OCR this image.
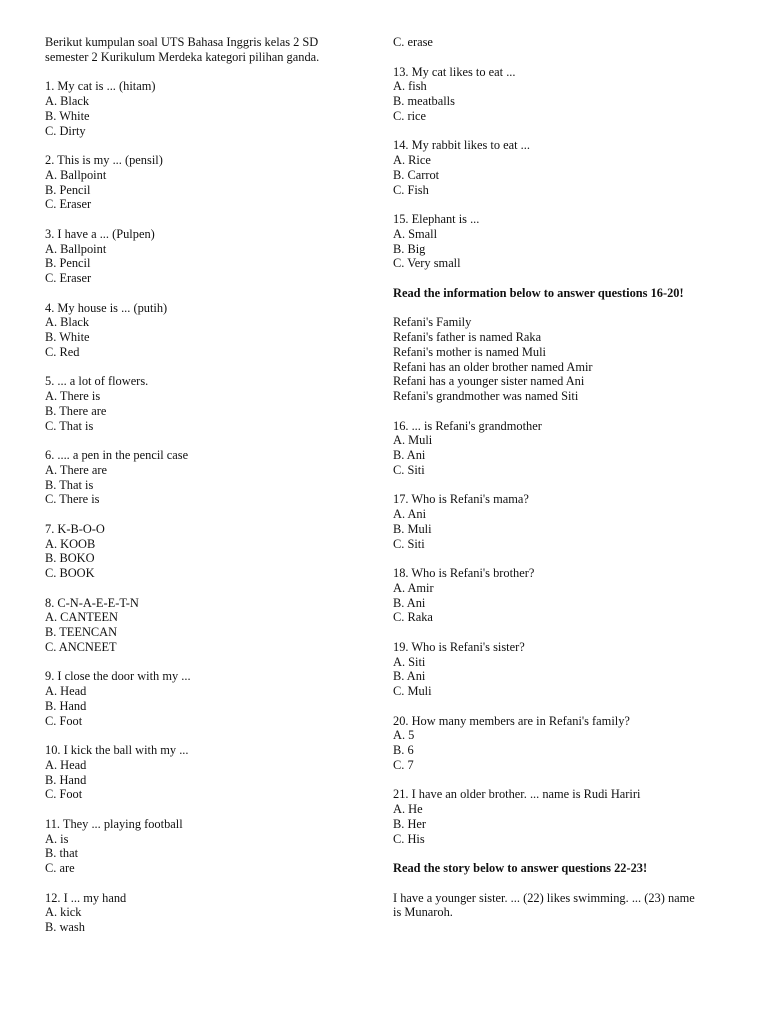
Berikut kumpulan soal UTS Bahasa Inggris kelas 2 SD
semester 2 Kurikulum Merdeka kategori pilihan ganda.
1. My cat is ... (hitam)
A. Black
B. White
C. Dirty
2. This is my ... (pensil)
A. Ballpoint
B. Pencil
C. Eraser
3. I have a ... (Pulpen)
A. Ballpoint
B. Pencil
C. Eraser
4. My house is ... (putih)
A. Black
B. White
C. Red
5. ... a lot of flowers.
A. There is
B. There are
C. That is
6. .... a pen in the pencil case
A. There are
B. That is
C. There is
7. K-B-O-O
A. KOOB
B. BOKO
C. BOOK
8. C-N-A-E-E-T-N
A. CANTEEN
B. TEENCAN
C. ANCNEET
9. I close the door with my ...
A. Head
B. Hand
C. Foot
10. I kick the ball with my ...
A. Head
B. Hand
C. Foot
11. They ... playing football
A. is
B. that
C. are
12. I ... my hand
A. kick
B. wash
C. erase
13. My cat likes to eat ...
A. fish
B. meatballs
C. rice
14. My rabbit likes to eat ...
A. Rice
B. Carrot
C. Fish
15. Elephant is ...
A. Small
B. Big
C. Very small
Read the information below to answer questions 16-20!
Refani's Family
Refani's father is named Raka
Refani's mother is named Muli
Refani has an older brother named Amir
Refani has a younger sister named Ani
Refani's grandmother was named Siti
16. ... is Refani's grandmother
A. Muli
B. Ani
C. Siti
17. Who is Refani's mama?
A. Ani
B. Muli
C. Siti
18. Who is Refani's brother?
A. Amir
B. Ani
C. Raka
19. Who is Refani's sister?
A. Siti
B. Ani
C. Muli
20. How many members are in Refani's family?
A. 5
B. 6
C. 7
21. I have an older brother. ... name is Rudi Hariri
A. He
B. Her
C. His
Read the story below to answer questions 22-23!
I have a younger sister. ... (22) likes swimming. ... (23) name
is Munaroh.
